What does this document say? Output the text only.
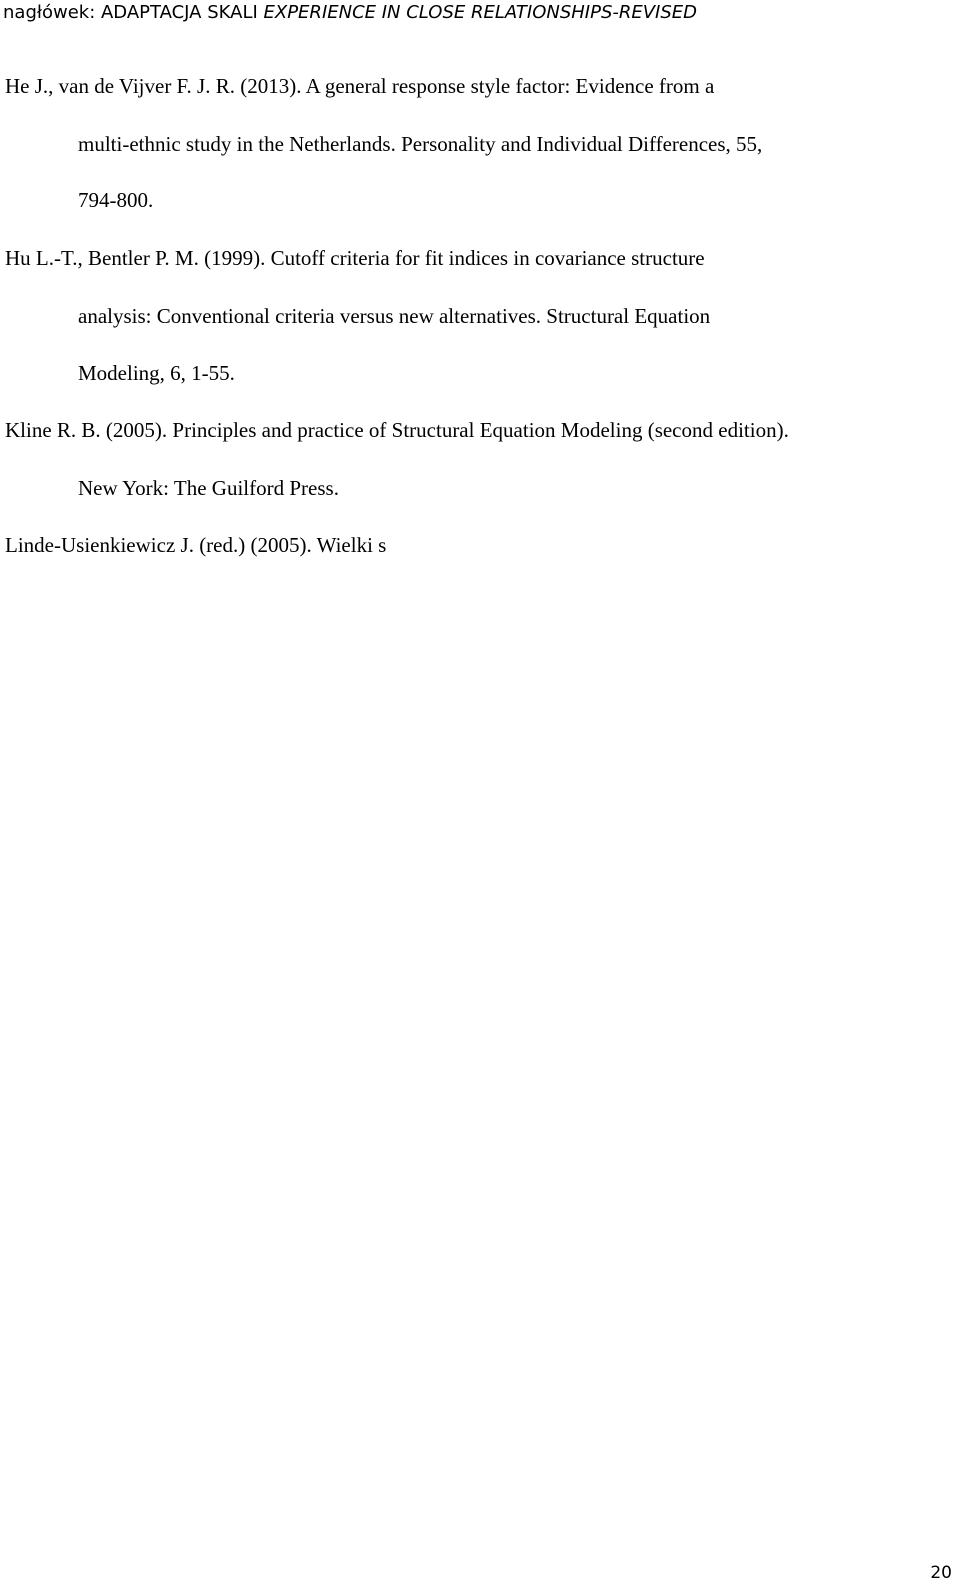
nagłówek: ADAPTACJA SKALI EXPERIENCE IN CLOSE RELATIONSHIPS-REVISED
He J., van de Vijver F. J. R. (2013). A general response style factor: Evidence from a
multi-ethnic study in the Netherlands. Personality and Individual Differences, 55,
794-800.
Hu L.-T., Bentler P. M. (1999). Cutoff criteria for fit indices in covariance structure
analysis: Conventional criteria versus new alternatives. Structural Equation
Modeling, 6, 1-55.
Kline R. B. (2005). Principles and practice of Structural Equation Modeling (second edition).
New York: The Guilford Press.
Linde-Usienkiewicz J. (red.) (2005). Wielki s
20
